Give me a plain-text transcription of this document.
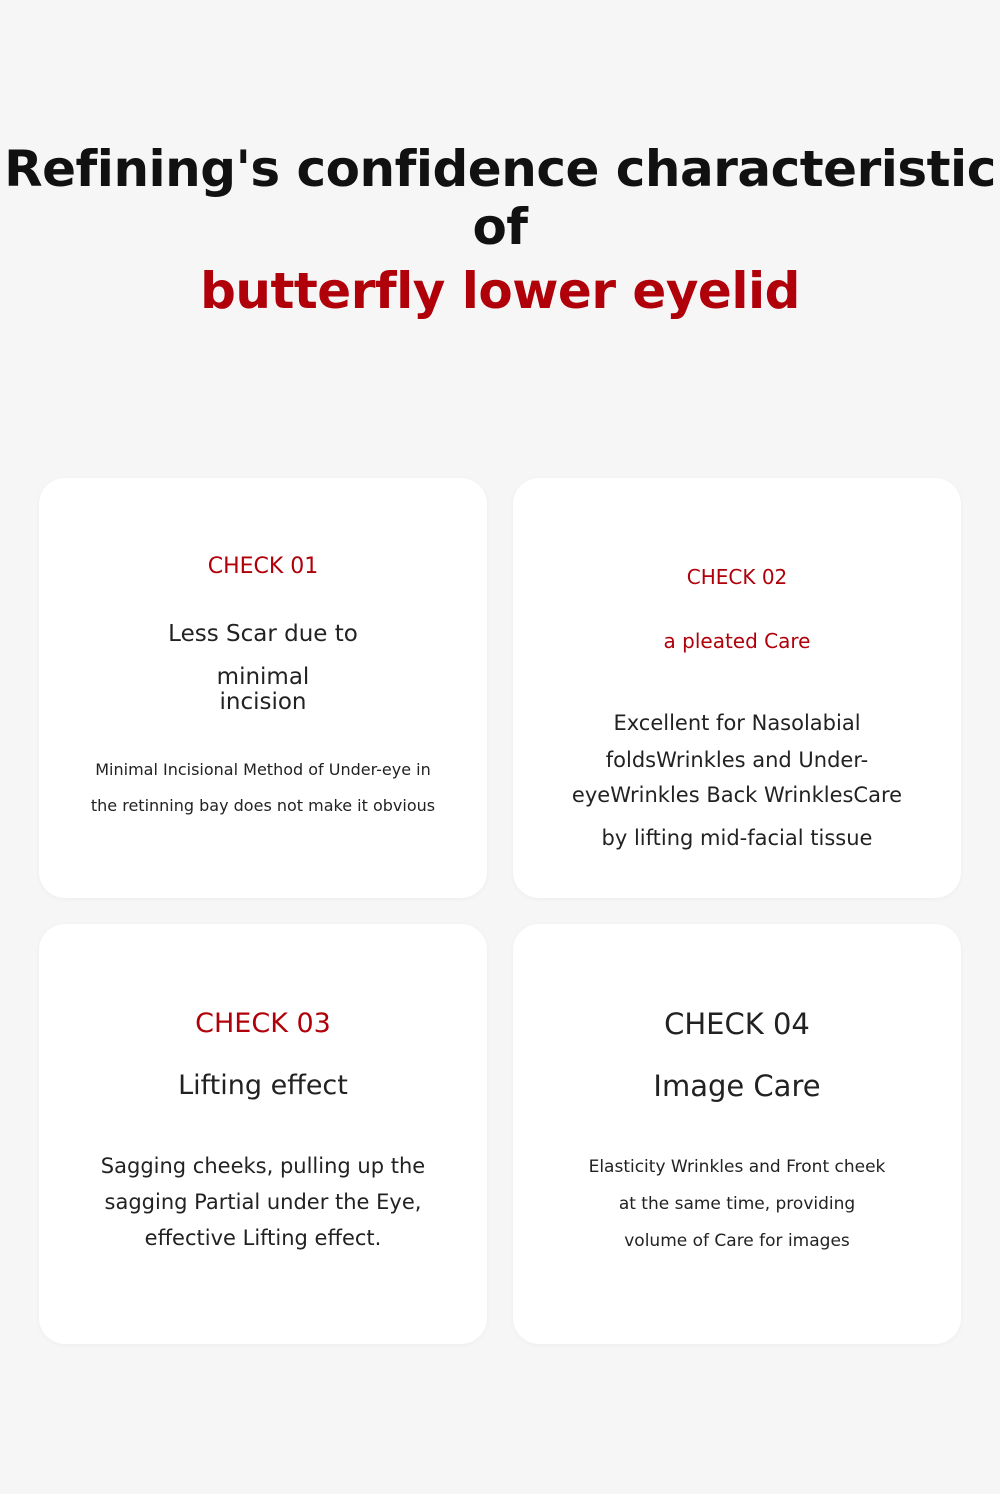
Refining's confidence characteristic of
butterfly lower eyelid
CHECK 01
Less Scar due to
minimal
incision
Minimal Incisional Method of Under-eye in
the retinning bay does not make it obvious
CHECK 02
a pleated Care
Excellent for Nasolabial
foldsWrinkles and Under-
eyeWrinkles Back WrinklesCare
by lifting mid-facial tissue
CHECK 03
Lifting effect
Sagging cheeks, pulling up the
sagging Partial under the Eye,
effective Lifting effect.
CHECK 04
Image Care
Elasticity Wrinkles and Front cheek
at the same time, providing
volume of Care for images
